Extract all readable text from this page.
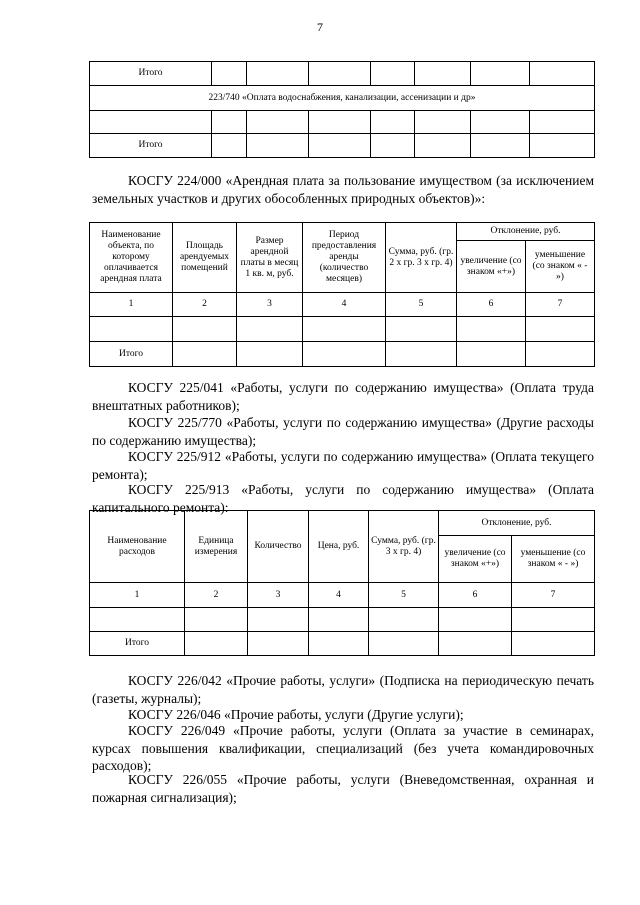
7
Итого							
223/740 «Оплата водоснабжения, канализации, ассенизации и др»							

Итого							
КОСГУ 224/000 «Арендная плата за пользование имуществом (за исключением земельных участков и других обособленных природных объектов)»:
Наименование объекта, по которому оплачивается арендная плата	Площадь арендуемых помещений	Размер арендной платы в месяц 1 кв. м, руб.	Период предоставления аренды (количество месяцев)	Сумма, руб. (гр. 2 х гр. 3 х гр. 4)	Отклонение, руб.	
					увеличение (со знаком «+»)	уменьшение (со знаком « - »)
1	2	3	4	5	6	7

Итого						
КОСГУ 225/041 «Работы, услуги по содержанию имущества» (Оплата труда внештатных работников);
КОСГУ 225/770 «Работы, услуги по содержанию имущества» (Другие расходы по содержанию имущества);
КОСГУ 225/912 «Работы, услуги по содержанию имущества» (Оплата текущего ремонта);
КОСГУ 225/913 «Работы, услуги по содержанию имущества» (Оплата капитального ремонта):
Наименование расходов	Единица измерения	Количество	Цена, руб.	Сумма, руб. (гр. 3 х гр. 4)	Отклонение, руб.	
					увеличение (со знаком «+»)	уменьшение (со знаком « - »)
1	2	3	4	5	6	7

Итого						
КОСГУ 226/042 «Прочие работы, услуги» (Подписка на периодическую печать (газеты, журналы);
КОСГУ 226/046 «Прочие работы, услуги (Другие услуги);
КОСГУ 226/049 «Прочие работы, услуги (Оплата за участие в семинарах, курсах повышения квалификации, специализаций (без учета командировочных расходов);
КОСГУ 226/055 «Прочие работы, услуги (Вневедомственная, охранная и пожарная сигнализация);
